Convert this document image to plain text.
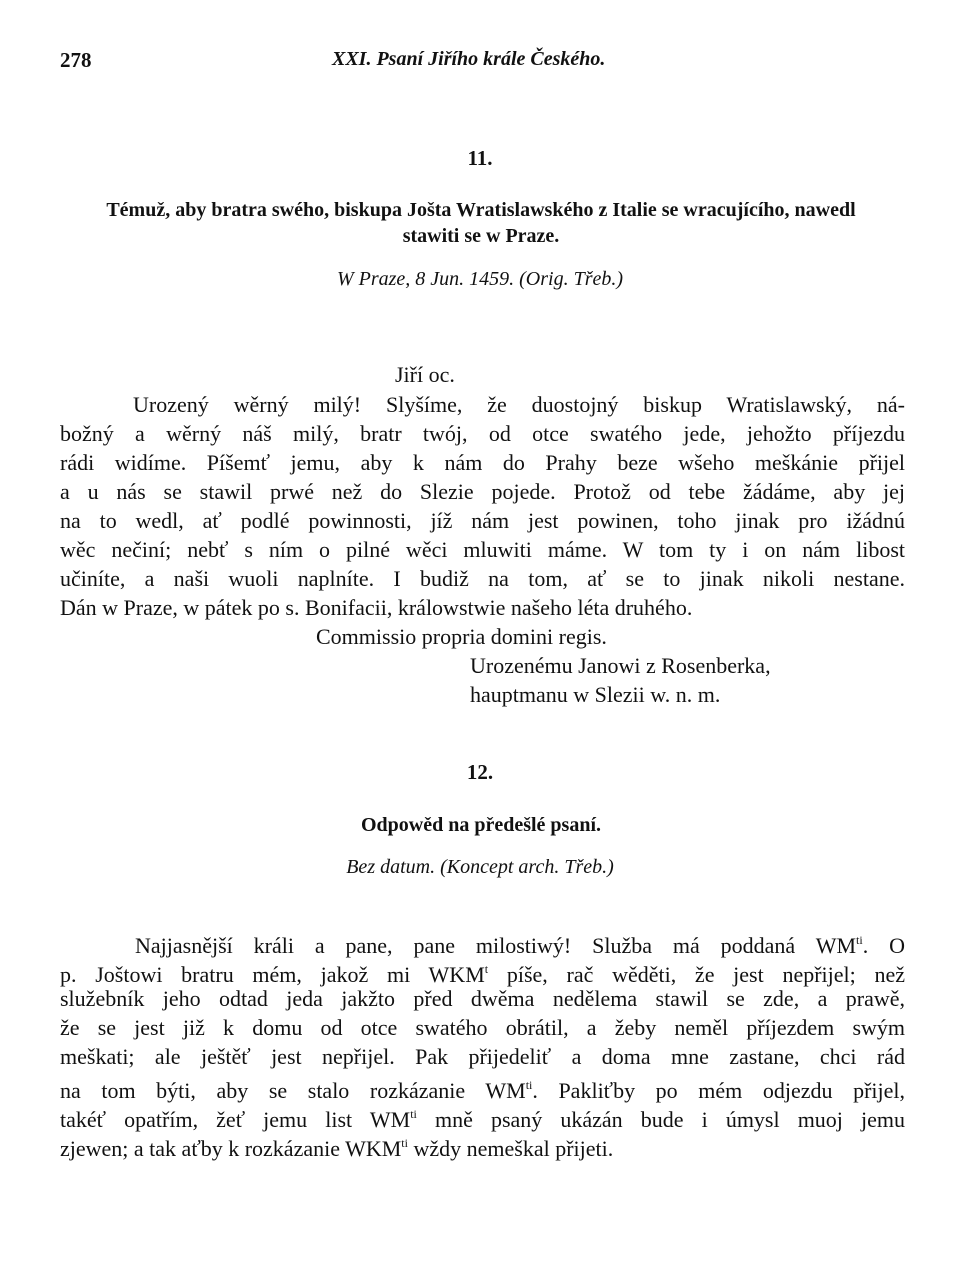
278	XXI. Psaní Jiřího krále Českého.
11.
Témuž, aby bratra swého, biskupa Jošta Wratislawského z Italie se wracujícího, nawedl
stawiti se w Praze.
W Praze, 8 Jun. 1459. (Orig. Třeb.)
Jiří oc.
Urozený wěrný milý! Slyšíme, že duostojný biskup Wratislawský, ná-
božný a wěrný náš milý, bratr twój, od otce swatého jede, jehožto příjezdu
rádi widíme. Píšemť jemu, aby k nám do Prahy beze wšeho meškánie přijel
a u nás se stawil prwé než do Slezie pojede. Protož od tebe žádáme, aby jej
na to wedl, ať podlé powinnosti, jíž nám jest powinen, toho jinak pro ižádnú
wěc nečiní; nebť s ním o pilné wěci mluwiti máme. W tom ty i on nám libost
učiníte, a naši wuoli naplníte. I budiž na tom, ať se to jinak nikoli nestane.
Dán w Praze, w pátek po s. Bonifacii, králowstwie našeho léta druhého.
Commissio propria domini regis.
Urozenému Janowi z Rosenberka,
hauptmanu w Slezii w. n. m.
12.
Odpowěd na předešlé psaní.
Bez datum. (Koncept arch. Třeb.)
Najjasnější králi a pane, pane milostiwý! Služba má poddaná $WM^{ti}$. O
p. Joštowi bratru mém, jakož mi WKM$^t$ píše, rač wěděti, že jest nepřijel; než
služebník jeho odtad jeda jakžto před dwěma nedělema stawil se zde, a prawě,
že se jest již k domu od otce swatého obrátil, a žeby neměl příjezdem swým
meškati; ale ještěť jest nepřijel. Pak přijedeliť a doma mne zastane, chci rád
na tom býti, aby se stalo rozkázanie $WM^{ti}$. Pakliťby po mém odjezdu přijel,
takéť opatřím, žeť jemu list $WM^{ti}$ mně psaný ukázán bude i úmysl muoj jemu
zjewen; a tak aťby k rozkázanie $WKM^{ti}$ wždy nemeškal přijeti.
